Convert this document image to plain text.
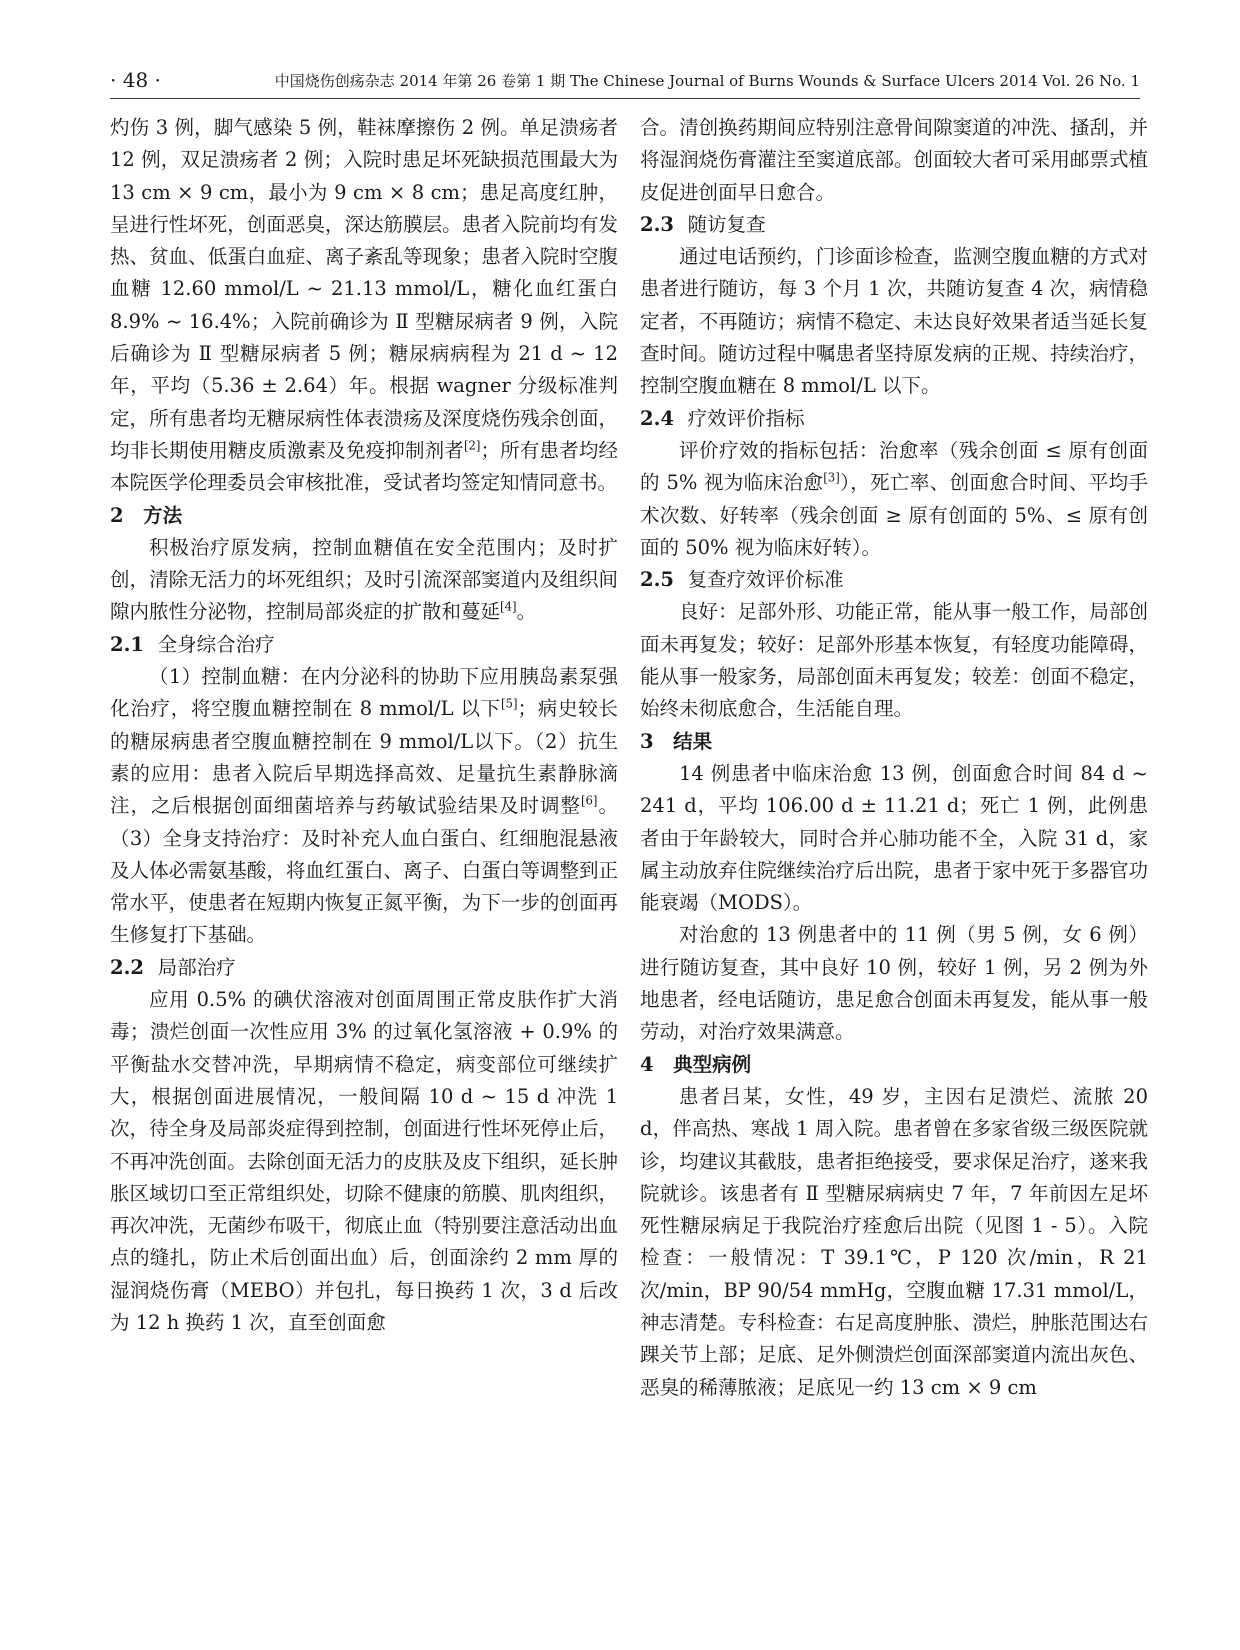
· 48 ·	中国烧伤创疡杂志 2014 年第 26 卷第 1 期 The Chinese Journal of Burns Wounds & Surface Ulcers 2014 Vol. 26 No. 1

灼伤 3 例，脚气感染 5 例，鞋袜摩擦伤 2 例。单足溃疡者 12 例，双足溃疡者 2 例；入院时患足坏死缺损范围最大为 13 cm × 9 cm，最小为 9 cm × 8 cm；患足高度红肿，呈进行性坏死，创面恶臭，深达筋膜层。患者入院前均有发热、贫血、低蛋白血症、离子紊乱等现象；患者入院时空腹血糖 12.60 mmol/L ~ 21.13 mmol/L，糖化血红蛋白 8.9% ~ 16.4%；入院前确诊为 Ⅱ 型糖尿病者 9 例，入院后确诊为 Ⅱ 型糖尿病者 5 例；糖尿病病程为 21 d ~ 12 年，平均（5.36 ± 2.64）年。根据 wagner 分级标准判定，所有患者均无糖尿病性体表溃疡及深度烧伤残余创面，均非长期使用糖皮质激素及免疫抑制剂者[2]；所有患者均经本院医学伦理委员会审核批准，受试者均签定知情同意书。

2　 方法

积极治疗原发病，控制血糖值在安全范围内；及时扩创，清除无活力的坏死组织；及时引流深部窦道内及组织间隙内脓性分泌物，控制局部炎症的扩散和蔓延[4]。

2.1 全身综合治疗

（1）控制血糖：在内分泌科的协助下应用胰岛素泵强化治疗，将空腹血糖控制在 8 mmol/L 以下[5]；病史较长的糖尿病患者空腹血糖控制在 9 mmol/L以下。（2）抗生素的应用：患者入院后早期选择高效、足量抗生素静脉滴注，之后根据创面细菌培养与药敏试验结果及时调整[6]。（3）全身支持治疗：及时补充人血白蛋白、红细胞混悬液及人体必需氨基酸，将血红蛋白、离子、白蛋白等调整到正常水平，使患者在短期内恢复正氮平衡，为下一步的创面再生修复打下基础。

2.2 局部治疗

应用 0.5% 的碘伏溶液对创面周围正常皮肤作扩大消毒；溃烂创面一次性应用 3% 的过氧化氢溶液 + 0.9% 的平衡盐水交替冲洗，早期病情不稳定，病变部位可继续扩大，根据创面进展情况，一般间隔 10 d ~ 15 d 冲洗 1 次，待全身及局部炎症得到控制，创面进行性坏死停止后，不再冲洗创面。去除创面无活力的皮肤及皮下组织，延长肿胀区域切口至正常组织处，切除不健康的筋膜、肌肉组织，再次冲洗，无菌纱布吸干，彻底止血（特别要注意活动出血点的缝扎，防止术后创面出血）后，创面涂约 2 mm 厚的湿润烧伤膏（MEBO）并包扎，每日换药 1 次，3 d 后改为 12 h 换药 1 次，直至创面愈

合。清创换药期间应特别注意骨间隙窦道的冲洗、搔刮，并将湿润烧伤膏灌注至窦道底部。创面较大者可采用邮票式植皮促进创面早日愈合。

2.3 随访复查

通过电话预约，门诊面诊检查，监测空腹血糖的方式对患者进行随访，每 3 个月 1 次，共随访复查 4 次，病情稳定者，不再随访；病情不稳定、未达良好效果者适当延长复查时间。随访过程中嘱患者坚持原发病的正规、持续治疗，控制空腹血糖在 8 mmol/L 以下。

2.4 疗效评价指标

评价疗效的指标包括：治愈率（残余创面 ≤ 原有创面的 5% 视为临床治愈[3]），死亡率、创面愈合时间、平均手术次数、好转率（残余创面 ≥ 原有创面的 5%、≤ 原有创面的 50% 视为临床好转）。

2.5 复查疗效评价标准

良好：足部外形、功能正常，能从事一般工作，局部创面未再复发；较好：足部外形基本恢复，有轻度功能障碍，能从事一般家务，局部创面未再复发；较差：创面不稳定，始终未彻底愈合，生活能自理。

3　 结果

14 例患者中临床治愈 13 例，创面愈合时间 84 d ~ 241 d，平均 106.00 d ± 11.21 d；死亡 1 例，此例患者由于年龄较大，同时合并心肺功能不全，入院 31 d，家属主动放弃住院继续治疗后出院，患者于家中死于多器官功能衰竭（MODS）。

对治愈的 13 例患者中的 11 例（男 5 例，女 6 例）进行随访复查，其中良好 10 例，较好 1 例，另 2 例为外地患者，经电话随访，患足愈合创面未再复发，能从事一般劳动，对治疗效果满意。

4　 典型病例

患者吕某，女性，49 岁，主因右足溃烂、流脓 20 d，伴高热、寒战 1 周入院。患者曾在多家省级三级医院就诊，均建议其截肢，患者拒绝接受，要求保足治疗，遂来我院就诊。该患者有 Ⅱ 型糖尿病病史 7 年，7 年前因左足坏死性糖尿病足于我院治疗痊愈后出院（见图 1 - 5）。入院检查：一般情况：T 39.1℃，P 120 次/min，R 21 次/min，BP 90/54 mmHg，空腹血糖 17.31 mmol/L，神志清楚。专科检查：右足高度肿胀、溃烂，肿胀范围达右踝关节上部；足底、足外侧溃烂创面深部窦道内流出灰色、恶臭的稀薄脓液；足底见一约 13 cm × 9 cm
